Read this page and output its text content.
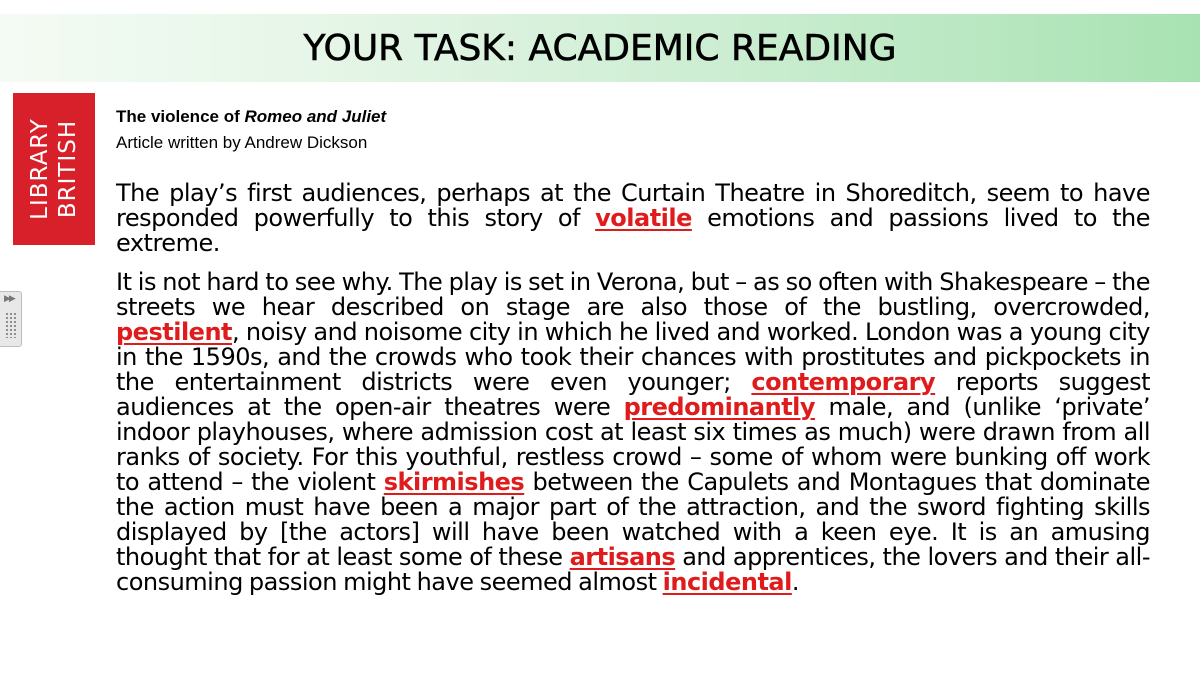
YOUR TASK: ACADEMIC READING
LIBRARY BRITISH
▶▶
The violence of Romeo and Juliet
Article written by Andrew Dickson
The play’s first audiences, perhaps at the Curtain Theatre in Shoreditch, seem to have responded powerfully to this story of volatile emotions and passions lived to the extreme.
It is not hard to see why. The play is set in Verona, but – as so often with Shakespeare – the streets we hear described on stage are also those of the bustling, overcrowded, pestilent, noisy and noisome city in which he lived and worked. London was a young city in the 1590s, and the crowds who took their chances with prostitutes and pickpockets in the entertainment districts were even younger; contemporary reports suggest audiences at the open-air theatres were predominantly male, and (unlike ‘private’ indoor playhouses, where admission cost at least six times as much) were drawn from all ranks of society. For this youthful, restless crowd – some of whom were bunking off work to attend – the violent skirmishes between the Capulets and Montagues that dominate the action must have been a major part of the attraction, and the sword fighting skills displayed by [the actors] will have been watched with a keen eye. It is an amusing thought that for at least some of these artisans and apprentices, the lovers and their all-consuming passion might have seemed almost incidental.
